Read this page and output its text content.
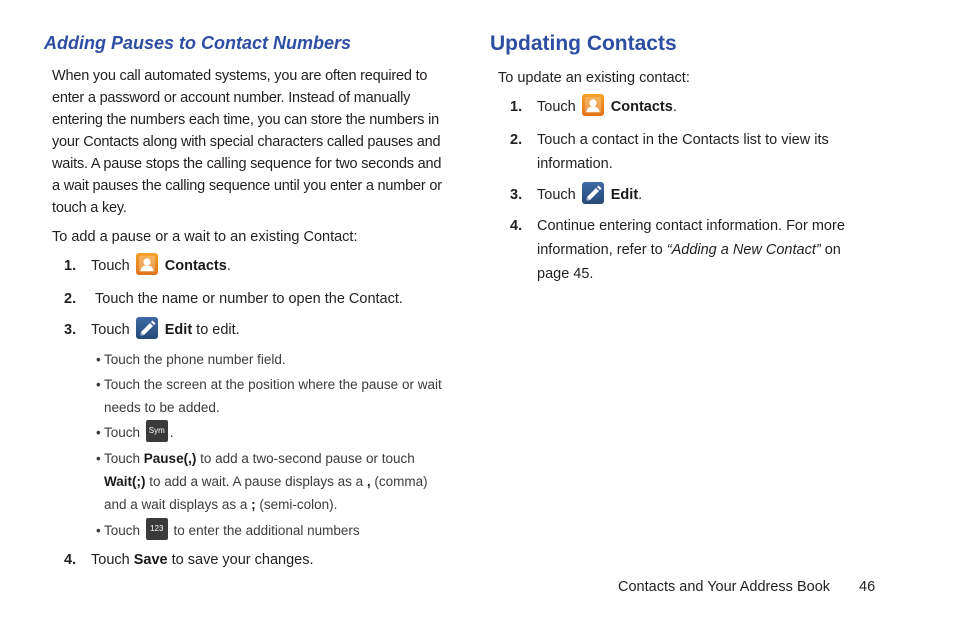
Adding Pauses to Contact Numbers
When you call automated systems, you are often required to enter a password or account number. Instead of manually entering the numbers each time, you can store the numbers in your Contacts along with special characters called pauses and waits. A pause stops the calling sequence for two seconds and a wait pauses the calling sequence until you enter a number or touch a key.
To add a pause or a wait to an existing Contact:
1. Touch Contacts.
2. Touch the name or number to open the Contact.
3. Touch Edit to edit.
• Touch the phone number field.
• Touch the screen at the position where the pause or wait needs to be added.
• Touch Sym .
• Touch Pause(,) to add a two-second pause or touch Wait(;) to add a wait. A pause displays as a , (comma) and a wait displays as a ; (semi-colon).
• Touch 123 to enter the additional numbers
4. Touch Save to save your changes.
Updating Contacts
To update an existing contact:
1. Touch Contacts.
2. Touch a contact in the Contacts list to view its information.
3. Touch Edit.
4. Continue entering contact information. For more information, refer to “Adding a New Contact” on page 45.
Contacts and Your Address Book 46
